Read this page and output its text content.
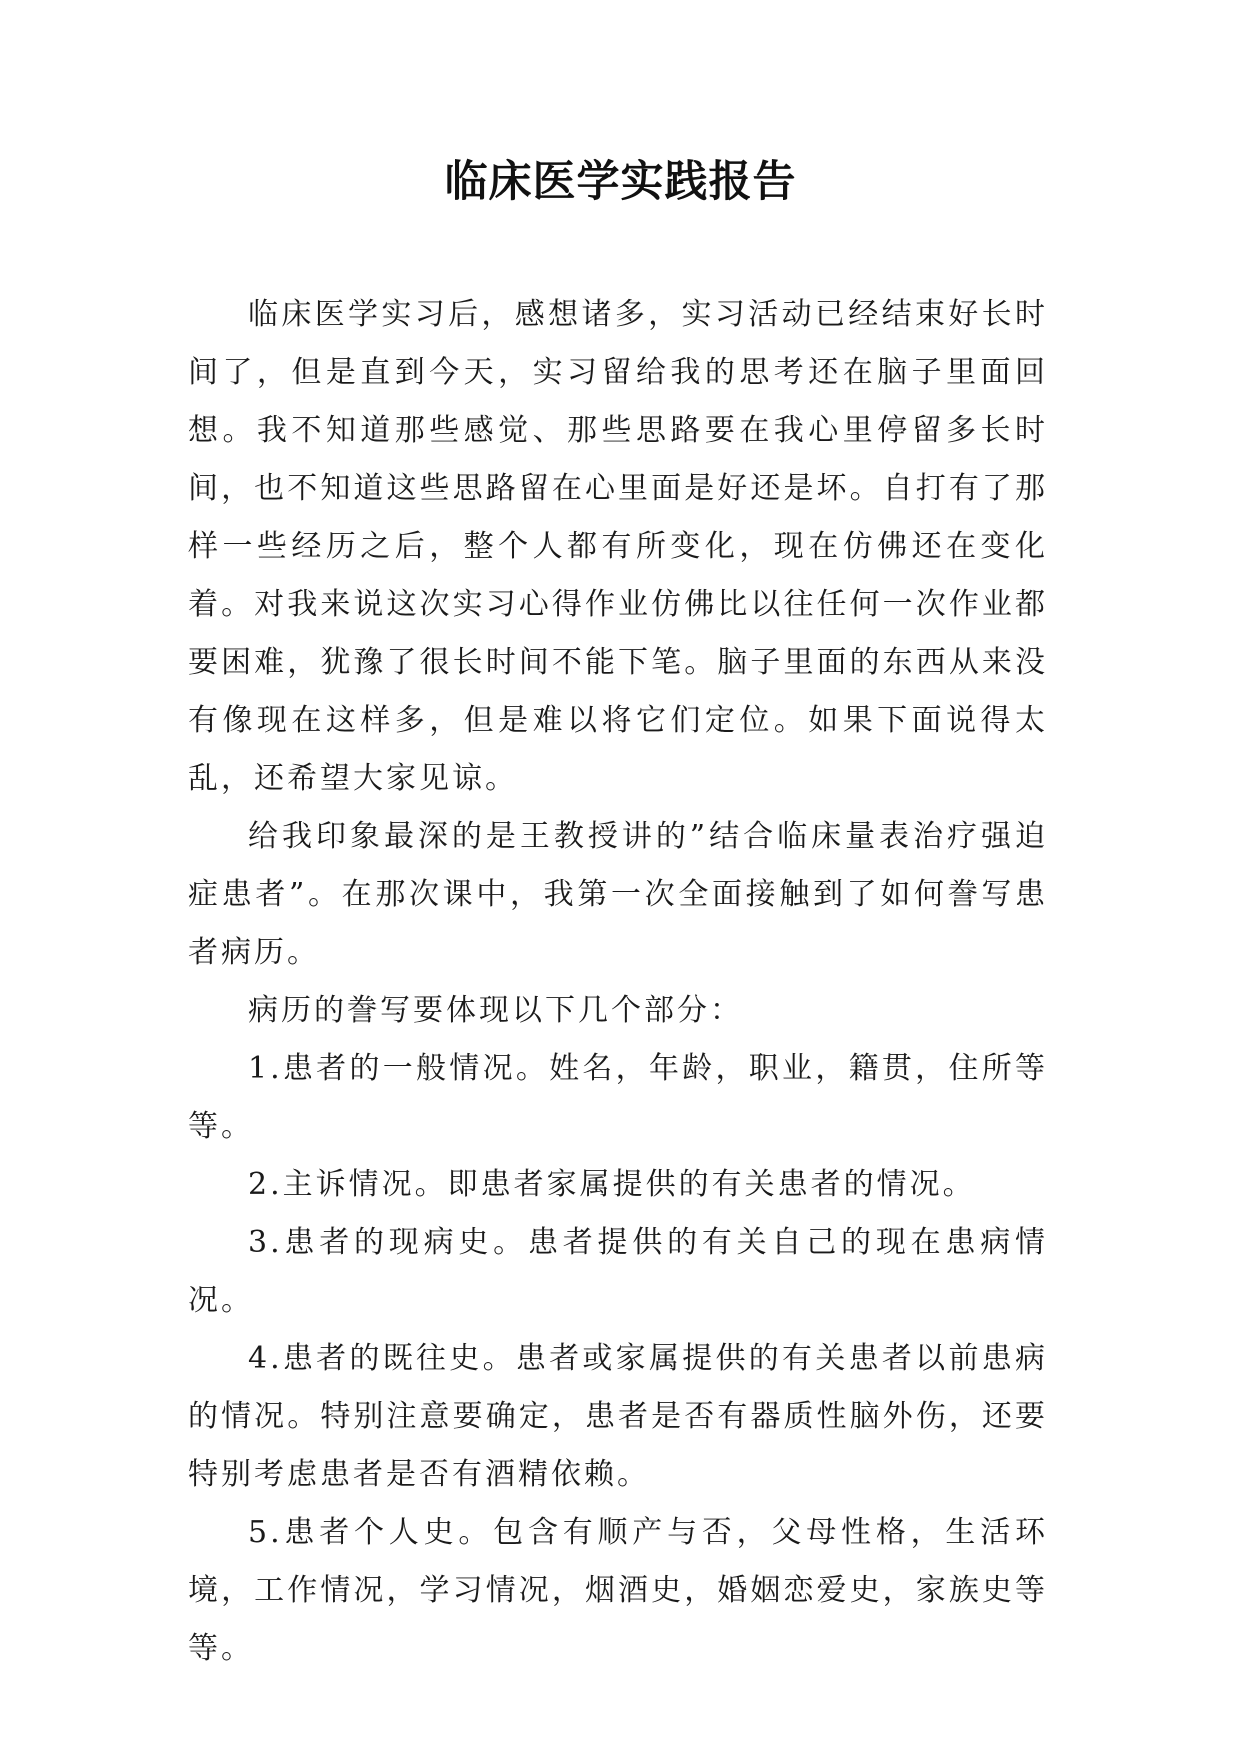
临床医学实践报告

临床医学实习后，感想诸多，实习活动已经结束好长时间了，但是直到今天，实习留给我的思考还在脑子里面回想。我不知道那些感觉、那些思路要在我心里停留多长时间，也不知道这些思路留在心里面是好还是坏。自打有了那样一些经历之后，整个人都有所变化，现在仿佛还在变化着。对我来说这次实习心得作业仿佛比以往任何一次作业都要困难，犹豫了很长时间不能下笔。脑子里面的东西从来没有像现在这样多，但是难以将它们定位。如果下面说得太乱，还希望大家见谅。

给我印象最深的是王教授讲的”结合临床量表治疗强迫症患者”。在那次课中，我第一次全面接触到了如何誊写患者病历。

病历的誊写要体现以下几个部分：

1.患者的一般情况。姓名，年龄，职业，籍贯，住所等等。

2.主诉情况。即患者家属提供的有关患者的情况。

3.患者的现病史。患者提供的有关自己的现在患病情况。

4.患者的既往史。患者或家属提供的有关患者以前患病的情况。特别注意要确定，患者是否有器质性脑外伤，还要特别考虑患者是否有酒精依赖。

5.患者个人史。包含有顺产与否，父母性格，生活环境，工作情况，学习情况，烟酒史，婚姻恋爱史，家族史等等。
